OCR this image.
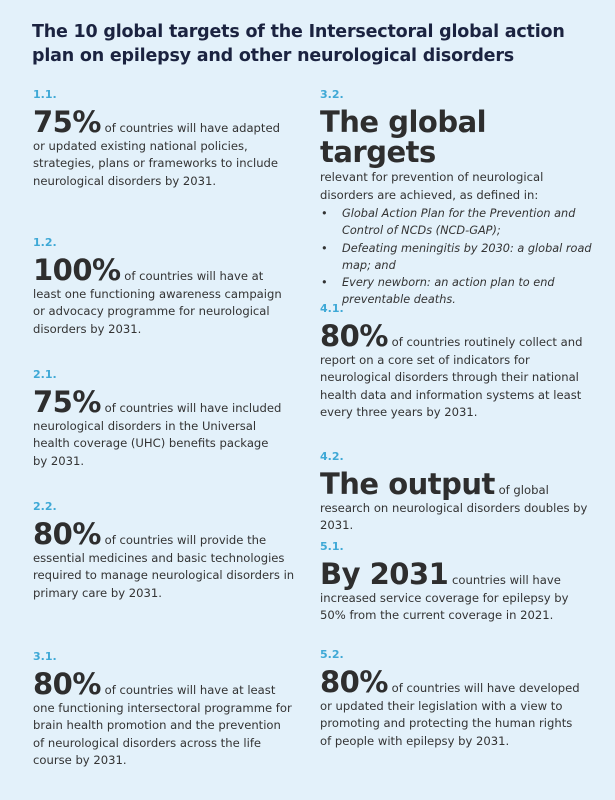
The 10 global targets of the Intersectoral global action plan on epilepsy and other neurological disorders
1.1.
75% of countries will have adapted or updated existing national policies, strategies, plans or frameworks to include neurological disorders by 2031.
1.2.
100% of countries will have at least one functioning awareness campaign or advocacy programme for neurological disorders by 2031.
2.1.
75% of countries will have included neurological disorders in the Universal health coverage (UHC) benefits package by 2031.
2.2.
80% of countries will provide the essential medicines and basic technologies required to manage neurological disorders in primary care by 2031.
3.1.
80% of countries will have at least one functioning intersectoral programme for brain health promotion and the prevention of neurological disorders across the life course by 2031.
3.2.
The global targets
relevant for prevention of neurological disorders are achieved, as defined in:
• Global Action Plan for the Prevention and Control of NCDs (NCD-GAP);
• Defeating meningitis by 2030: a global road map; and
• Every newborn: an action plan to end preventable deaths.
4.1.
80% of countries routinely collect and report on a core set of indicators for neurological disorders through their national health data and information systems at least every three years by 2031.
4.2.
The output of global research on neurological disorders doubles by 2031.
5.1.
By 2031 countries will have increased service coverage for epilepsy by 50% from the current coverage in 2021.
5.2.
80% of countries will have developed or updated their legislation with a view to promoting and protecting the human rights of people with epilepsy by 2031.
